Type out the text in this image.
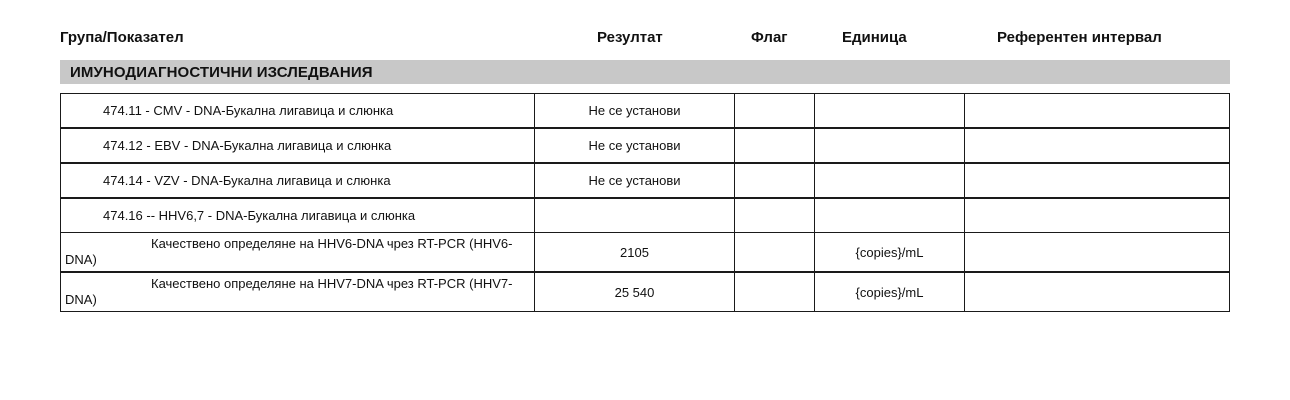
Група/Показател	Резултат	Флаг	Единица	Референтен интервал
ИМУНОДИАГНОСТИЧНИ ИЗСЛЕДВАНИЯ
474.11 - CMV - DNA-Букална лигавица и слюнка	Не се установи			

474.12 - EBV - DNA-Букална лигавица и слюнка	Не се установи			

474.14 - VZV - DNA-Букална лигавица и слюнка	Не се установи			

474.16 -- HHV6,7 - DNA-Букална лигавица и слюнка				

Качествено определяне на HHV6-DNA чрез RT-PCR (HHV6-DNA)	2105		{copies}/mL	

Качествено определяне на HHV7-DNA чрез RT-PCR (HHV7-DNA)	25 540		{copies}/mL	
